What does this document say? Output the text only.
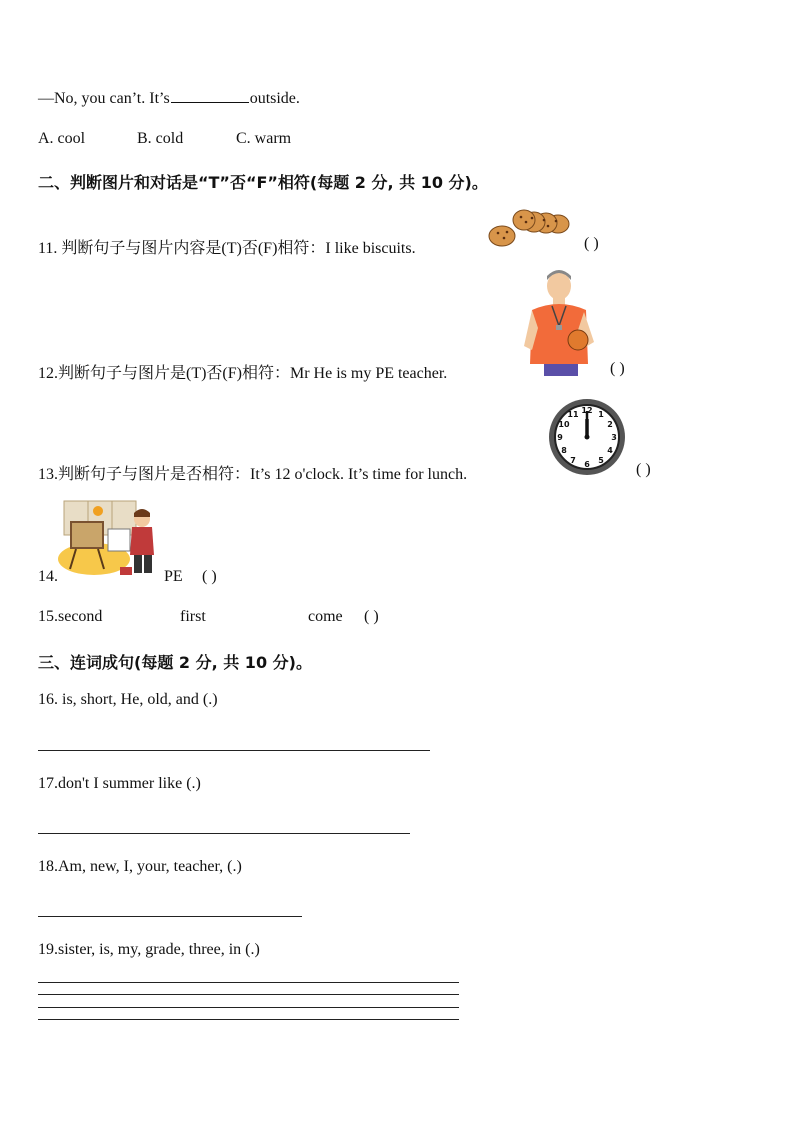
—No, you can’t. It’s	outside.
A. cool	B. cold	C. warm
二、判断图片和对话是“T”否“F”相符(每题 2 分, 共 10 分)。
11. 判断句子与图片内容是(T)否(F)相符：I like biscuits.	( )
12.判断句子与图片是(T)否(F)相符：Mr He is my PE teacher.	( )
13.判断句子与图片是否相符：It’s 12 o'clock. It’s time for lunch.
12 1
2
3
4
5
6
7
8
9
10
11
( )
14.	PE ( )
15.second	first	come ( )
三、连词成句(每题 2 分, 共 10 分)。
16. is, short, He, old, and (.)
17.don't I summer like (.)
18.Am, new, I, your, teacher, (.)
19.sister, is, my, grade, three, in (.)
